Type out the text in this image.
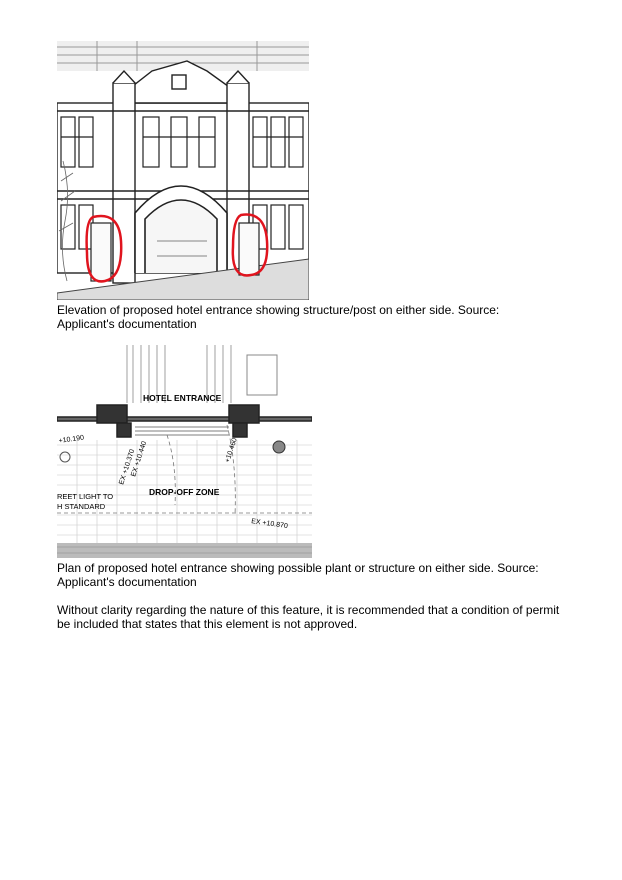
Elevation of proposed hotel entrance showing structure/post on either side. Source:
Applicant's documentation
HOTEL ENTRANCE
DROP-OFF ZONE
REET LIGHT TO
H STANDARD
+10.190
EX +10.370
EX +10.440	+10.460
EX +10.870
Plan of proposed hotel entrance showing possible plant or structure on either side. Source:
Applicant's documentation
Without clarity regarding the nature of this feature, it is recommended that a condition of permit
be included that states that this element is not approved.
